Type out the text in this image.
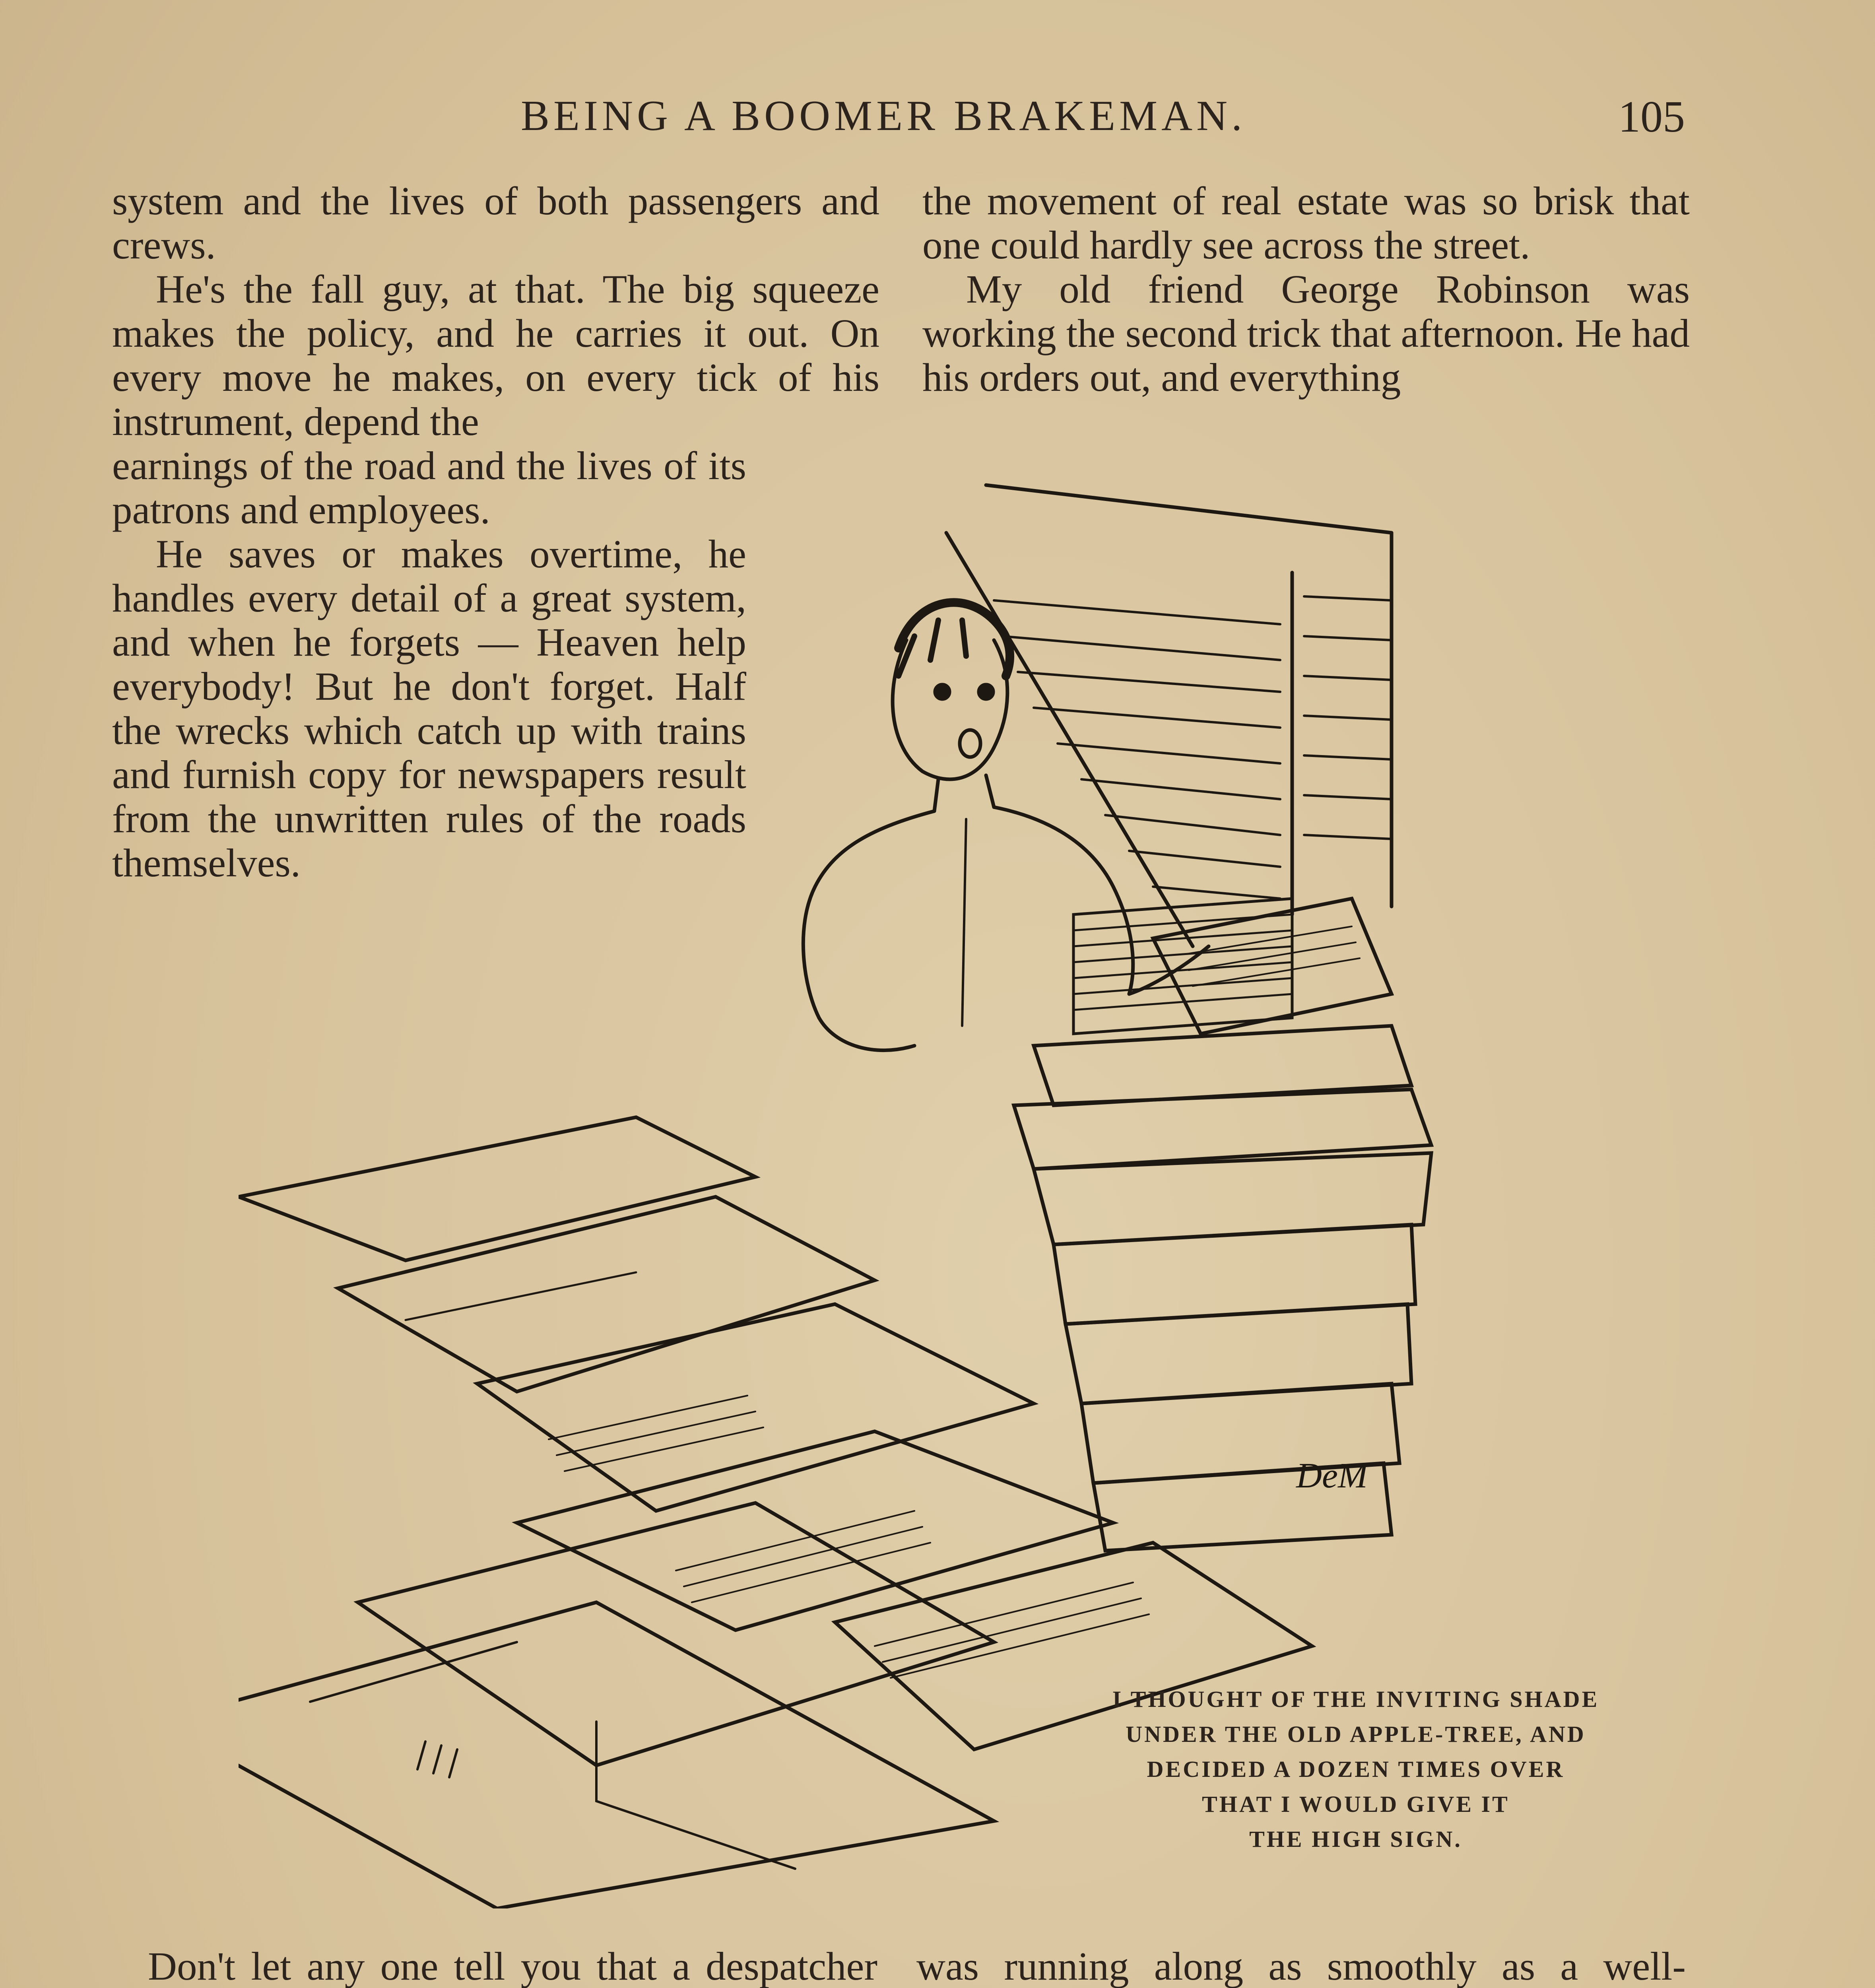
BEING A BOOMER BRAKEMAN.	105

system and the lives of both passengers and crews.

He's the fall guy, at that. The big squeeze makes the policy, and he carries it out. On every move he makes, on every tick of his instrument, depend the

earnings of the road and the lives of its patrons and employees.

He saves or makes overtime, he handles every detail of a great system, and when he forgets — Heaven help everybody! But he don't forget. Half the wrecks which catch up with trains and furnish copy for newspapers result from the unwritten rules of the roads themselves.

the movement of real estate was so brisk that one could hardly see across the street.

My old friend George Robinson was working the second trick that afternoon. He had his orders out, and everything

DeM
I THOUGHT OF THE INVITING SHADE
UNDER THE OLD APPLE-TREE, AND
DECIDED A DOZEN TIMES OVER
THAT I WOULD GIVE IT
THE HIGH SIGN.

Don't let any one tell you that a despatcher was running along as smoothly as a well-
